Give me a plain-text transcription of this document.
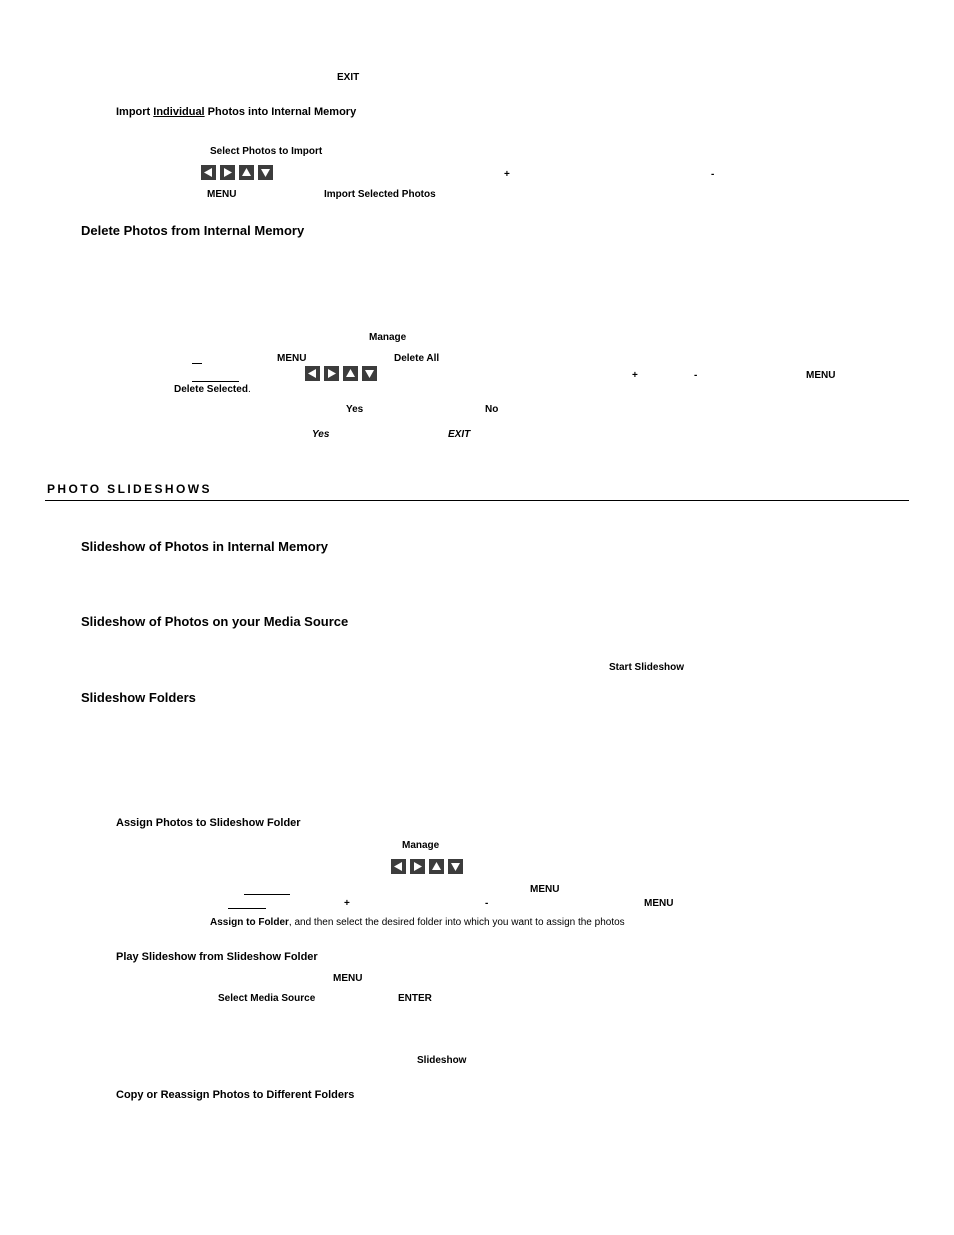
EXIT
Import Individual Photos into Internal Memory
Select Photos to Import
+	-
MENU	Import Selected Photos
Delete Photos from Internal Memory
Manage
MENU	Delete All
+	-	MENU
Delete Selected.
Yes	No
Yes	EXIT
PHOTO SLIDESHOWS
Slideshow of Photos in Internal Memory
Slideshow of Photos on your Media Source
Start Slideshow
Slideshow Folders
Assign Photos to Slideshow Folder
Manage
MENU
+	-	MENU
Assign to Folder, and then select the desired folder into which you want to assign the photos
Play Slideshow from Slideshow Folder
MENU
Select Media Source	ENTER
Slideshow
Copy or Reassign Photos to Different Folders
